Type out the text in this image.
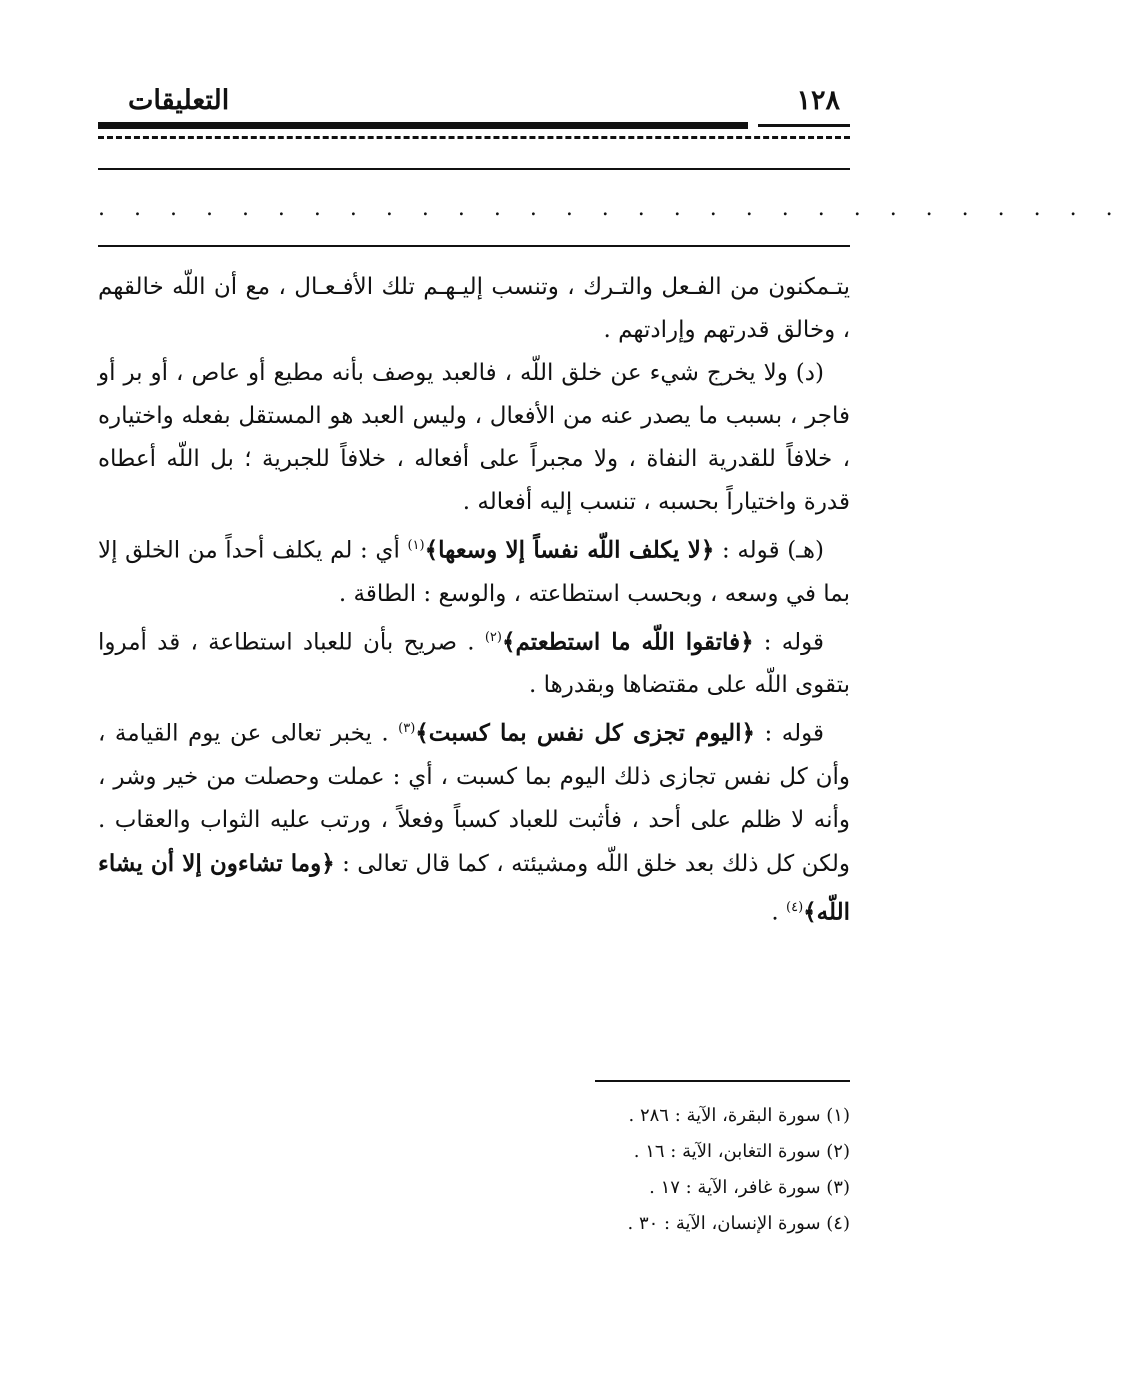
التعليقات	١٢٨
. . . . . . . . . . . . . . . . . . . . . . . . . . . . .

يتـمكنون من الفـعل والتـرك ، وتنسب إليـهـم تلك الأفـعـال ، مع أن اللّه خالقهم ، وخالق قدرتهم وإرادتهم .

(د) ولا يخرج شيء عن خلق اللّه ، فالعبد يوصف بأنه مطيع أو عاص ، أو بر أو فاجر ، بسبب ما يصدر عنه من الأفعال ، وليس العبد هو المستقل بفعله واختياره ، خلافاً للقدرية النفاة ، ولا مجبراً على أفعاله ، خلافاً للجبرية ؛ بل اللّه أعطاه قدرة واختياراً بحسبه ، تنسب إليه أفعاله .

(هـ) قوله : ﴿لا يكلف اللّه نفساً إلا وسعها﴾$^{(١)}$ أي : لم يكلف أحداً من الخلق إلا بما في وسعه ، وبحسب استطاعته ، والوسع : الطاقة .

قوله : ﴿فاتقوا اللّه ما استطعتم﴾$^{(٢)}$ . صريح بأن للعباد استطاعة ، قد أمروا بتقوى اللّه على مقتضاها وبقدرها .

قوله : ﴿اليوم تجزى كل نفس بما كسبت﴾$^{(٣)}$ . يخبر تعالى عن يوم القيامة ، وأن كل نفس تجازى ذلك اليوم بما كسبت ، أي : عملت وحصلت من خير وشر ، وأنه لا ظلم على أحد ، فأثبت للعباد كسباً وفعلاً ، ورتب عليه الثواب والعقاب . ولكن كل ذلك بعد خلق اللّه ومشيئته ، كما قال تعالى : ﴿وما تشاءون إلا أن يشاء اللّه﴾$^{(٤)}$ .

(١) سورة البقرة، الآية : ٢٨٦ .
(٢) سورة التغابن، الآية : ١٦ .
(٣) سورة غافر، الآية : ١٧ .
(٤) سورة الإنسان، الآية : ٣٠ .
